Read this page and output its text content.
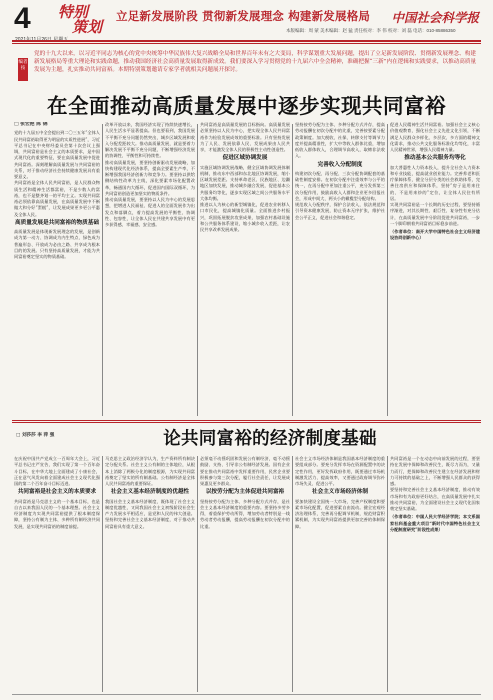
4 特别
策划
立足新发展阶段 贯彻新发展理念 构建新发展格局 中国社会科学报
本版编辑：周 蒙 美术编辑：赵 猛 责任校对：李 伟 校对：刘 磊 电话：010-85886350
编者按
党的十九大以来，以习近平同志为核心的党中央统筹中华民族伟大复兴战略全局和世界百年未有之大变局，科学谋划重大发展问题，提出了立足新发展阶段、贯彻新发展理念、构建新发展格局等重大理论和实践命题，推动我国经济社会高质量发展取得新成效。我们要深入学习贯彻党的十九届六中全会精神，准确把握“三新”内在逻辑和实践要求，以推动高质量发展为主题，扎实推动共同富裕。本期特别策划邀请专家学者就相关问题展开探讨。
在全面推动高质量发展中逐步实现共同富裕
□ 张宏艳 陈 锦

党的十九届五中全会提出到二〇三五年“全体人民共同富裕取得更为明显的实质性进展”，习近平总书记在中央财经委员会第十次会议上强调，共同富裕是社会主义的本质要求，是中国式现代化的重要特征，要在高质量发展中促进共同富裕。深刻理解高质量发展与共同富裕的关系，对于推动经济社会持续健康发展具有重要意义。

共同富裕是全体人民共同富裕，是人民群众物质生活和精神生活都富裕，不是少数人的富裕，也不是整齐划一的平均主义。实现共同富裕必须依靠高质量发展，在高质量发展中不断做大和分好“蛋糕”，让发展成果更多更公平惠及全体人民。

高质量发展是共同富裕的物质基础

高质量发展是体现新发展理念的发展，是创新成为第一动力、协调成为内生特点、绿色成为普遍形态、开放成为必由之路、共享成为根本目的的发展。只有坚持高质量发展，才能为共同富裕奠定坚实的物质基础。

改革开放以来，我国经济实现了持续快速增长，人民生活水平显著提高。但也要看到，我国发展不平衡不充分问题仍然突出，城乡区域发展和收入分配差距较大。推动高质量发展，就是要着力解决发展不平衡不充分问题，不断增强经济发展的协调性、平衡性和可持续性。

推动高质量发展，要坚持创新驱动发展战略，加快构建现代化经济体系，提高全要素生产率，不断增强我国经济创新力和竞争力。要坚持以供给侧结构性改革为主线，深化要素市场化配置改革，畅通国内大循环，促进国内国际双循环，为共同富裕创造更加坚实的物质条件。

推动高质量发展，要坚持以人民为中心的发展思想，把增进人民福祉、促进人的全面发展作为出发点和落脚点，着力提高发展的平衡性、协调性、包容性，让全体人民在共建共享发展中有更多获得感、幸福感、安全感。

共同富裕是高质量发展的目标指向。高质量发展必须坚持以人民为中心，把实现全体人民共同富裕作为检验发展成效的重要标准。只有坚持发展为了人民、发展依靠人民、发展成果由人民共享，才能激发全体人民的积极性主动性创造性。

促进区域协调发展

实施区域协调发展战略，健全区域协调发展体制机制，推动东中西部和东北地区协调发展，缩小区域发展差距。支持革命老区、民族地区、边疆地区加快发展，推动城乡融合发展，促进基本公共服务均等化，逐步实现区域之间公共服务水平大体均衡。

推进以人为核心的新型城镇化，促进农业转移人口市民化，提高城镇化质量。全面推进乡村振兴，巩固拓展脱贫攻坚成果，加强农村基础设施和公共服务体系建设，缩小城乡收入差距，让农民共享改革发展成果。

坚持按劳分配为主体、多种分配方式并存，提高劳动报酬在初次分配中的比重，完善按要素分配政策制度。加大税收、社保、转移支付等调节力度并提高精准性，扩大中等收入群体比重，增加低收入群体收入，合理调节高收入，取缔非法收入。

完善收入分配制度

构建初次分配、再分配、三次分配协调配套的基础性制度安排。在初次分配中注重效率与公平的统一，在再分配中更加注重公平，充分发挥第三次分配作用，鼓励高收入人群和企业更多回报社会，形成中间大、两头小的橄榄型分配结构。

规范收入分配秩序，保护合法收入，依法规范和引导资本健康发展，防止资本无序扩张，维护社会公平正义，促进社会和谐稳定。

促进人民精神生活共同富裕。加强社会主义核心价值观教育，强化社会主义先进文化引领，不断满足人民群众多样化、多层次、多方面的精神文化需求，推动公共文化服务标准化均等化，丰富人民精神世界，增强人民精神力量。

推动基本公共服务均等化

加大普惠性人力资本投入，提升全社会人力资本和专业技能，提高就业创业能力。完善养老和医疗保障体系，健全分层分类的社会救助体系，完善住房供应和保障体系，坚持“房子是用来住的、不是用来炒的”定位，让全体人民住有所居。

实现共同富裕是一个长期的历史过程，要坚持循序渐进，对其长期性、艰巨性、复杂性有充分估计，在高质量发展中分阶段促进共同富裕，一步一个脚印朝着共同富裕目标稳步前进。

（作者单位：南开大学中国特色社会主义经济建设协同创新中心）

□ 刘莎莎 李 萍 强	论共同富裕的经济制度基础

在庆祝中国共产党成立一百周年大会上，习近平总书记庄严宣告，我们实现了第一个百年奋斗目标，在中华大地上全面建成了小康社会，正在意气风发向着全面建成社会主义现代化强国的第二个百年奋斗目标迈进。

共同富裕是社会主义的本质要求

共同富裕是马克思主义的一个基本目标，也是自古以来我国人民的一个基本理想。社会主义经济制度为实现共同富裕提供了根本制度保障，坚持公有制为主体、多种所有制经济共同发展，是实现共同富裕的制度前提。

马克思主义政治经济学认为，生产资料所有制决定分配关系。社会主义公有制的主体地位，从根本上消除了两极分化的制度根源，为实现共同富裕奠定了坚实的所有制基础。公有制经济是全体人民共同富裕的重要保证。

社会主义基本经济制度的优越性

我国社会主义基本经济制度，既体现了社会主义制度优越性，又同我国社会主义初级阶段社会生产力发展水平相适应，是党和人民的伟大创造。坚持和完善社会主义基本经济制度，对于推动共同富裕具有重大意义。

必须毫不动摇巩固和发展公有制经济，毫不动摇鼓励、支持、引导非公有制经济发展。国有企业要在推动共同富裕中发挥重要作用，民营企业要积极参与第三次分配，履行社会责任，让发展成果惠及更多群众。

以按劳分配为主体促进共同富裕

坚持按劳分配为主体、多种分配方式并存，是社会主义基本经济制度的重要内容。要坚持多劳多得，着重保护劳动所得，增加劳动者特别是一线劳动者劳动报酬，提高劳动报酬在初次分配中的比重。

社会主义市场经济体制是我国基本经济制度的重要组成部分。要充分发挥市场在资源配置中的决定性作用，更好发挥政府作用，既要通过市场机制激发活力、提高效率，又要通过政府调节弥补市场失灵、促进公平。

社会主义市场经济体制

要加快建设全国统一大市场，完善产权制度和要素市场化配置，促进要素自由流动。健全宏观经济治理体系，完善再分配调节机制，规范财富积累机制，为实现共同富裕提供更加完善的体制保障。

共同富裕是一个在动态中向前发展的过程，要坚持在发展中保障和改善民生，既尽力而为，又量力而行，把保障和改善民生建立在经济发展和财力可持续的基础之上，不断增强人民群众的获得感。

要坚持和完善社会主义基本经济制度，推动有效市场和有为政府更好结合，在高质量发展中扎实推动共同富裕，为全面建设社会主义现代化国家奠定坚实基础。

（作者单位：中国人民大学经济学院；本文系国家社科基金重大项目“新时代中国特色社会主义分配制度研究”阶段性成果）
